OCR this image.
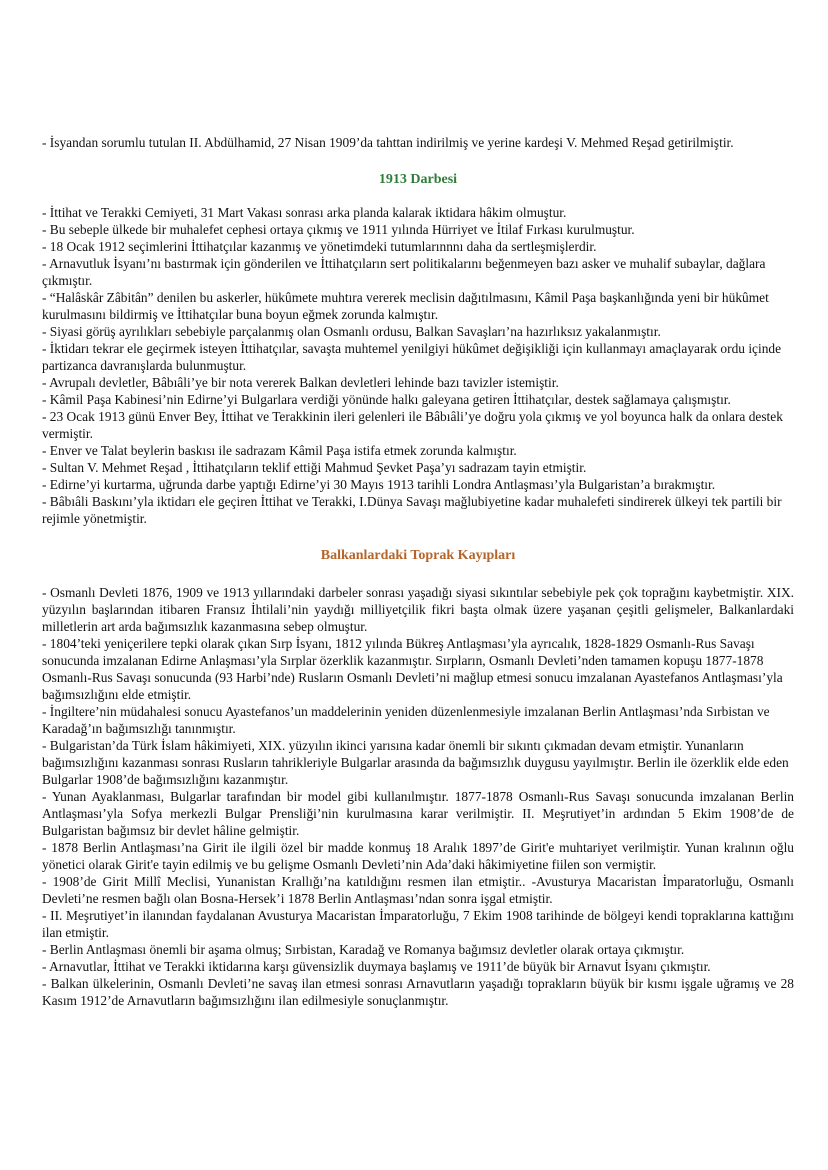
- İsyandan sorumlu tutulan II. Abdülhamid, 27 Nisan 1909’da tahttan indirilmiş ve yerine kardeşi V. Mehmed Reşad getirilmiştir.

1913 Darbesi

- İttihat ve Terakki Cemiyeti, 31 Mart Vakası sonrası arka planda kalarak iktidara hâkim olmuştur.

- Bu sebeple ülkede bir muhalefet cephesi ortaya çıkmış ve 1911 yılında Hürriyet ve İtilaf Fırkası kurulmuştur.

- 18 Ocak 1912 seçimlerini İttihatçılar kazanmış ve yönetimdeki tutumlarınnnı daha da sertleşmişlerdir.

- Arnavutluk İsyanı’nı bastırmak için gönderilen ve İttihatçıların sert politikalarını beğenmeyen bazı asker ve muhalif subaylar, dağlara çıkmıştır.

- “Halâskâr Zâbitân” denilen bu askerler, hükûmete muhtıra vererek meclisin dağıtılmasını, Kâmil Paşa başkanlığında yeni bir hükûmet kurulmasını bildirmiş ve İttihatçılar buna boyun eğmek zorunda kalmıştır.

- Siyasi görüş ayrılıkları sebebiyle parçalanmış olan Osmanlı ordusu, Balkan Savaşları’na hazırlıksız yakalanmıştır.

- İktidarı tekrar ele geçirmek isteyen İttihatçılar, savaşta muhtemel yenilgiyi hükûmet değişikliği için kullanmayı amaçlayarak ordu içinde partizanca davranışlarda bulunmuştur.

- Avrupalı devletler, Bâbıâli’ye bir nota vererek Balkan devletleri lehinde bazı tavizler istemiştir.

- Kâmil Paşa Kabinesi’nin Edirne’yi Bulgarlara verdiği yönünde halkı galeyana getiren İttihatçılar, destek sağlamaya çalışmıştır.

- 23 Ocak 1913 günü Enver Bey, İttihat ve Terakkinin ileri gelenleri ile Bâbıâli’ye doğru yola çıkmış ve yol boyunca halk da onlara destek vermiştir.

- Enver ve Talat beylerin baskısı ile sadrazam Kâmil Paşa istifa etmek zorunda kalmıştır.

- Sultan V. Mehmet Reşad , İttihatçıların teklif ettiği Mahmud Şevket Paşa’yı sadrazam tayin etmiştir.

- Edirne’yi kurtarma, uğrunda darbe yaptığı Edirne’yi 30 Mayıs 1913 tarihli Londra Antlaşması’yla Bulgaristan’a bırakmıştır.

- Bâbıâli Baskını’yla iktidarı ele geçiren İttihat ve Terakki, I.Dünya Savaşı mağlubiyetine kadar muhalefeti sindirerek ülkeyi tek partili bir rejimle yönetmiştir.

Balkanlardaki Toprak Kayıpları

- Osmanlı Devleti 1876, 1909 ve 1913 yıllarındaki darbeler sonrası yaşadığı siyasi sıkıntılar sebebiyle pek çok toprağını kaybetmiştir. XIX. yüzyılın başlarından itibaren Fransız İhtilali’nin yaydığı milliyetçilik fikri başta olmak üzere yaşanan çeşitli gelişmeler, Balkanlardaki milletlerin art arda bağımsızlık kazanmasına sebep olmuştur.

- 1804’teki yeniçerilere tepki olarak çıkan Sırp İsyanı, 1812 yılında Bükreş Antlaşması’yla ayrıcalık, 1828-1829 Osmanlı-Rus Savaşı sonucunda imzalanan Edirne Anlaşması’yla Sırplar özerklik kazanmıştır. Sırpların, Osmanlı Devleti’nden tamamen kopuşu 1877-1878 Osmanlı-Rus Savaşı sonucunda (93 Harbi’nde) Rusların Osmanlı Devleti’ni mağlup etmesi sonucu imzalanan Ayastefanos Antlaşması’yla bağımsızlığını elde etmiştir.

- İngiltere’nin müdahalesi sonucu Ayastefanos’un maddelerinin yeniden düzenlenmesiyle imzalanan Berlin Antlaşması’nda Sırbistan ve Karadağ’ın bağımsızlığı tanınmıştır.

- Bulgaristan’da Türk İslam hâkimiyeti, XIX. yüzyılın ikinci yarısına kadar önemli bir sıkıntı çıkmadan devam etmiştir. Yunanların bağımsızlığını kazanması sonrası Rusların tahrikleriyle Bulgarlar arasında da bağımsızlık duygusu yayılmıştır. Berlin ile özerklik elde eden Bulgarlar 1908’de bağımsızlığını kazanmıştır.

- Yunan Ayaklanması, Bulgarlar tarafından bir model gibi kullanılmıştır. 1877-1878 Osmanlı-Rus Savaşı sonucunda imzalanan Berlin Antlaşması’yla Sofya merkezli Bulgar Prensliği’nin kurulmasına karar verilmiştir. II. Meşrutiyet’in ardından 5 Ekim 1908’de de Bulgaristan bağımsız bir devlet hâline gelmiştir.

- 1878 Berlin Antlaşması’na Girit ile ilgili özel bir madde konmuş 18 Aralık 1897’de Girit'e muhtariyet verilmiştir. Yunan kralının oğlu yönetici olarak Girit'e tayin edilmiş ve bu gelişme Osmanlı Devleti’nin Ada’daki hâkimiyetine fiilen son vermiştir.

- 1908’de Girit Millî Meclisi, Yunanistan Krallığı’na katıldığını resmen ilan etmiştir.. -Avusturya Macaristan İmparatorluğu, Osmanlı Devleti’ne resmen bağlı olan Bosna-Hersek’i 1878 Berlin Antlaşması’ndan sonra işgal etmiştir.

- II. Meşrutiyet’in ilanından faydalanan Avusturya Macaristan İmparatorluğu, 7 Ekim 1908 tarihinde de bölgeyi kendi topraklarına kattığını ilan etmiştir.

- Berlin Antlaşması önemli bir aşama olmuş; Sırbistan, Karadağ ve Romanya bağımsız devletler olarak ortaya çıkmıştır.

- Arnavutlar, İttihat ve Terakki iktidarına karşı güvensizlik duymaya başlamış ve 1911’de büyük bir Arnavut İsyanı çıkmıştır.

- Balkan ülkelerinin, Osmanlı Devleti’ne savaş ilan etmesi sonrası Arnavutların yaşadığı toprakların büyük bir kısmı işgale uğramış ve 28 Kasım 1912’de Arnavutların bağımsızlığını ilan edilmesiyle sonuçlanmıştır.
